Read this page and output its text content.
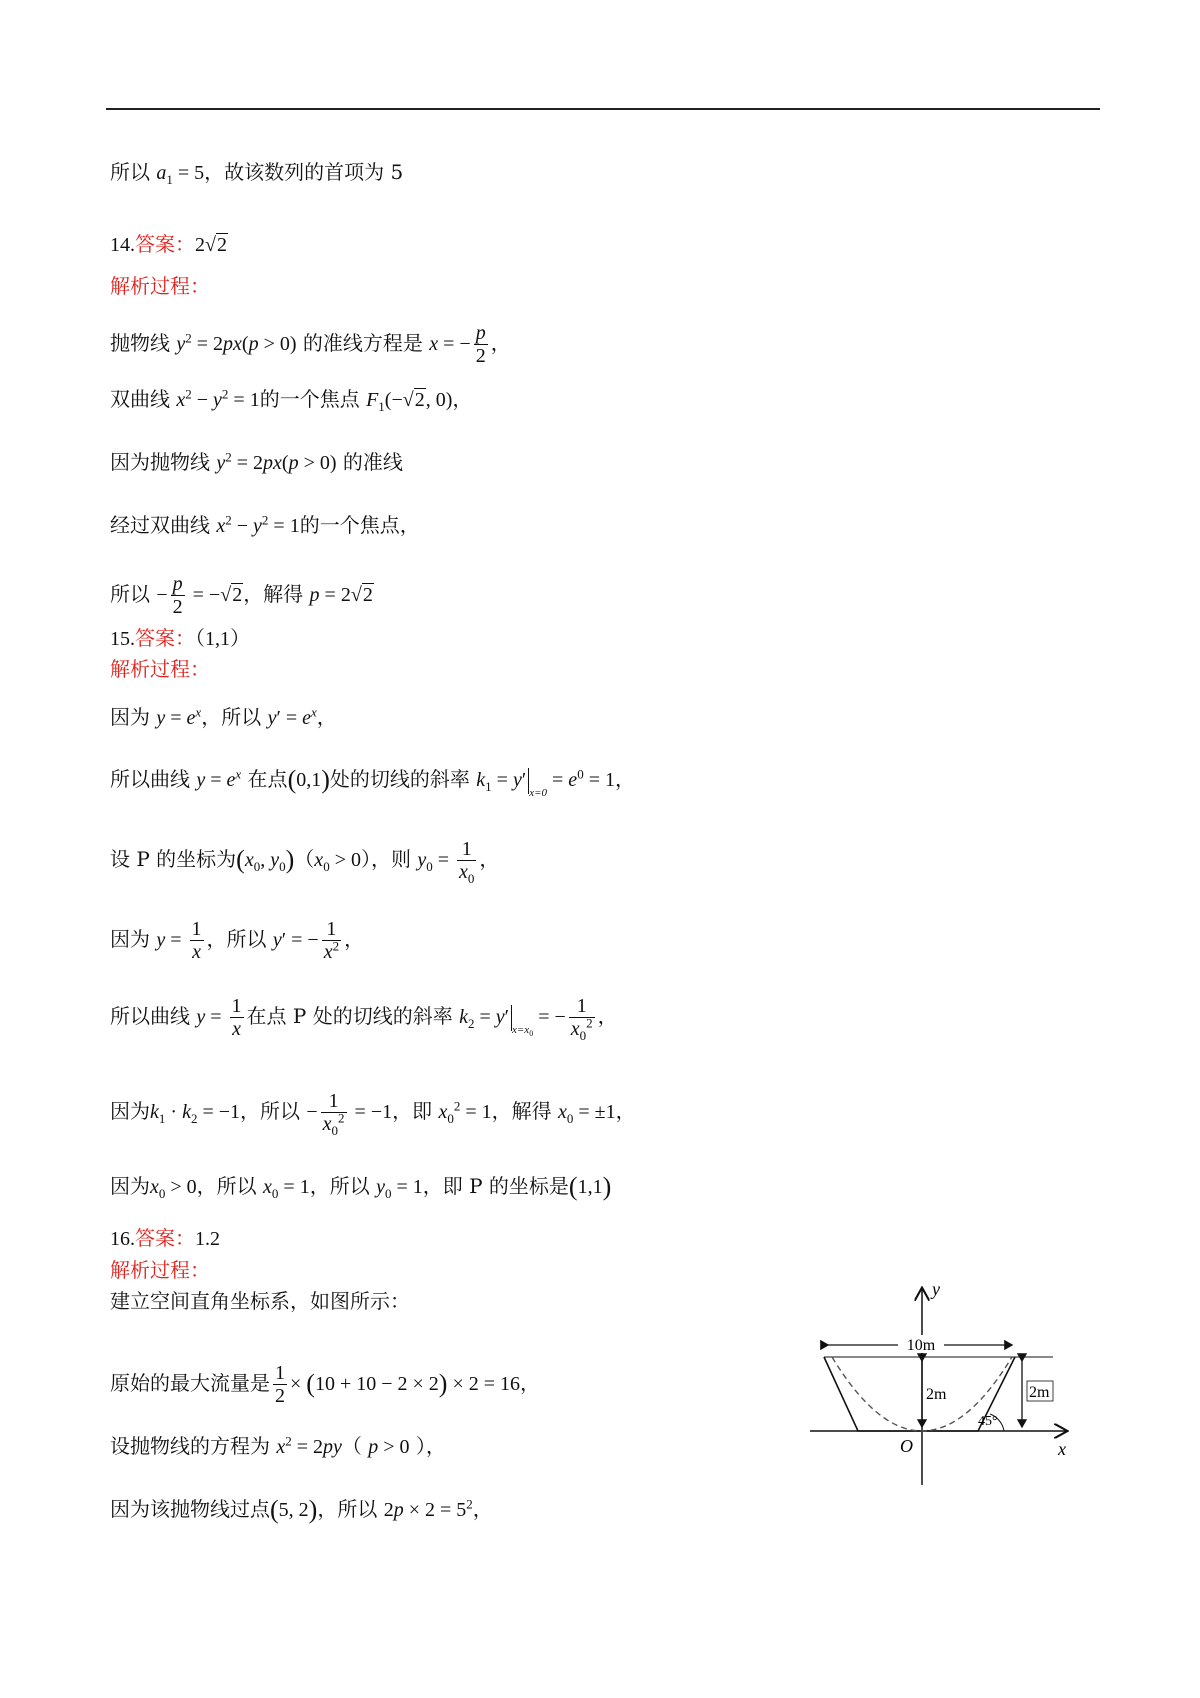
所以 $a_1 = 5$，故该数列的首项为 5
14.答案：2√2
解析过程：
抛物线 $y^2 = 2px(p > 0)$ 的准线方程是 x = − $\frac{p}{2}$ ，
双曲线 $x^2 - y^2 = 1$的一个焦点 $F_1(-√2$, 0)，
因为抛物线 $y^2 = 2px(p > 0)$ 的准线
经过双曲线 $x^2 - y^2 = 1$的一个焦点，
所以 − $\frac{p}{2} = -√2$，解得 p = 2√2
15.答案：（1,1）
解析过程：
因为 $y = e^x$，所以 $y' = e^x$，
所以曲线 $y = e^x$ 在点(0,1)处的切线的斜率 $k_1 = y'_{x=0} = e^0 = 1$，
设 P 的坐标为($x_0$, $y_0)(x_0 > 0)$，则 $y_0 = \frac{1}{x_0}$ ，
因为 $y = \frac{1}{x}$ ，所以 y′ = − $\frac{1}{x^2}$ ，
所以曲线 $y = \frac{1}{x}$ 在点 P 处的切线的斜率 $k_2 = y'_{x=x_0}$ = − $\frac{1}{x_0^2}$ ，
因为$k_1 \cdot k_2 = -1$，所以 − $\frac{1}{x_0^2} = -1$，即 $x_0^2 = 1$，解得 $x_0 = \pm 1$，
因为$x_0 > 0$，所以 $x_0 = 1$，所以 $y_0 = 1$，即 P 的坐标是(1,1)
16.答案：1.2
解析过程：
建立空间直角坐标系，如图所示：
原始的最大流量是 $\frac{1}{2} \times (10 + 10 - 2 \times 2) \times 2 = 16$，
设抛物线的方程为 $x^2 = 2py$（ p > 0 ），
因为该抛物线过点(5, 2)，所以 $2p \times 2 = 5^2$，
y
x
O
10m
2m	2m
45°
